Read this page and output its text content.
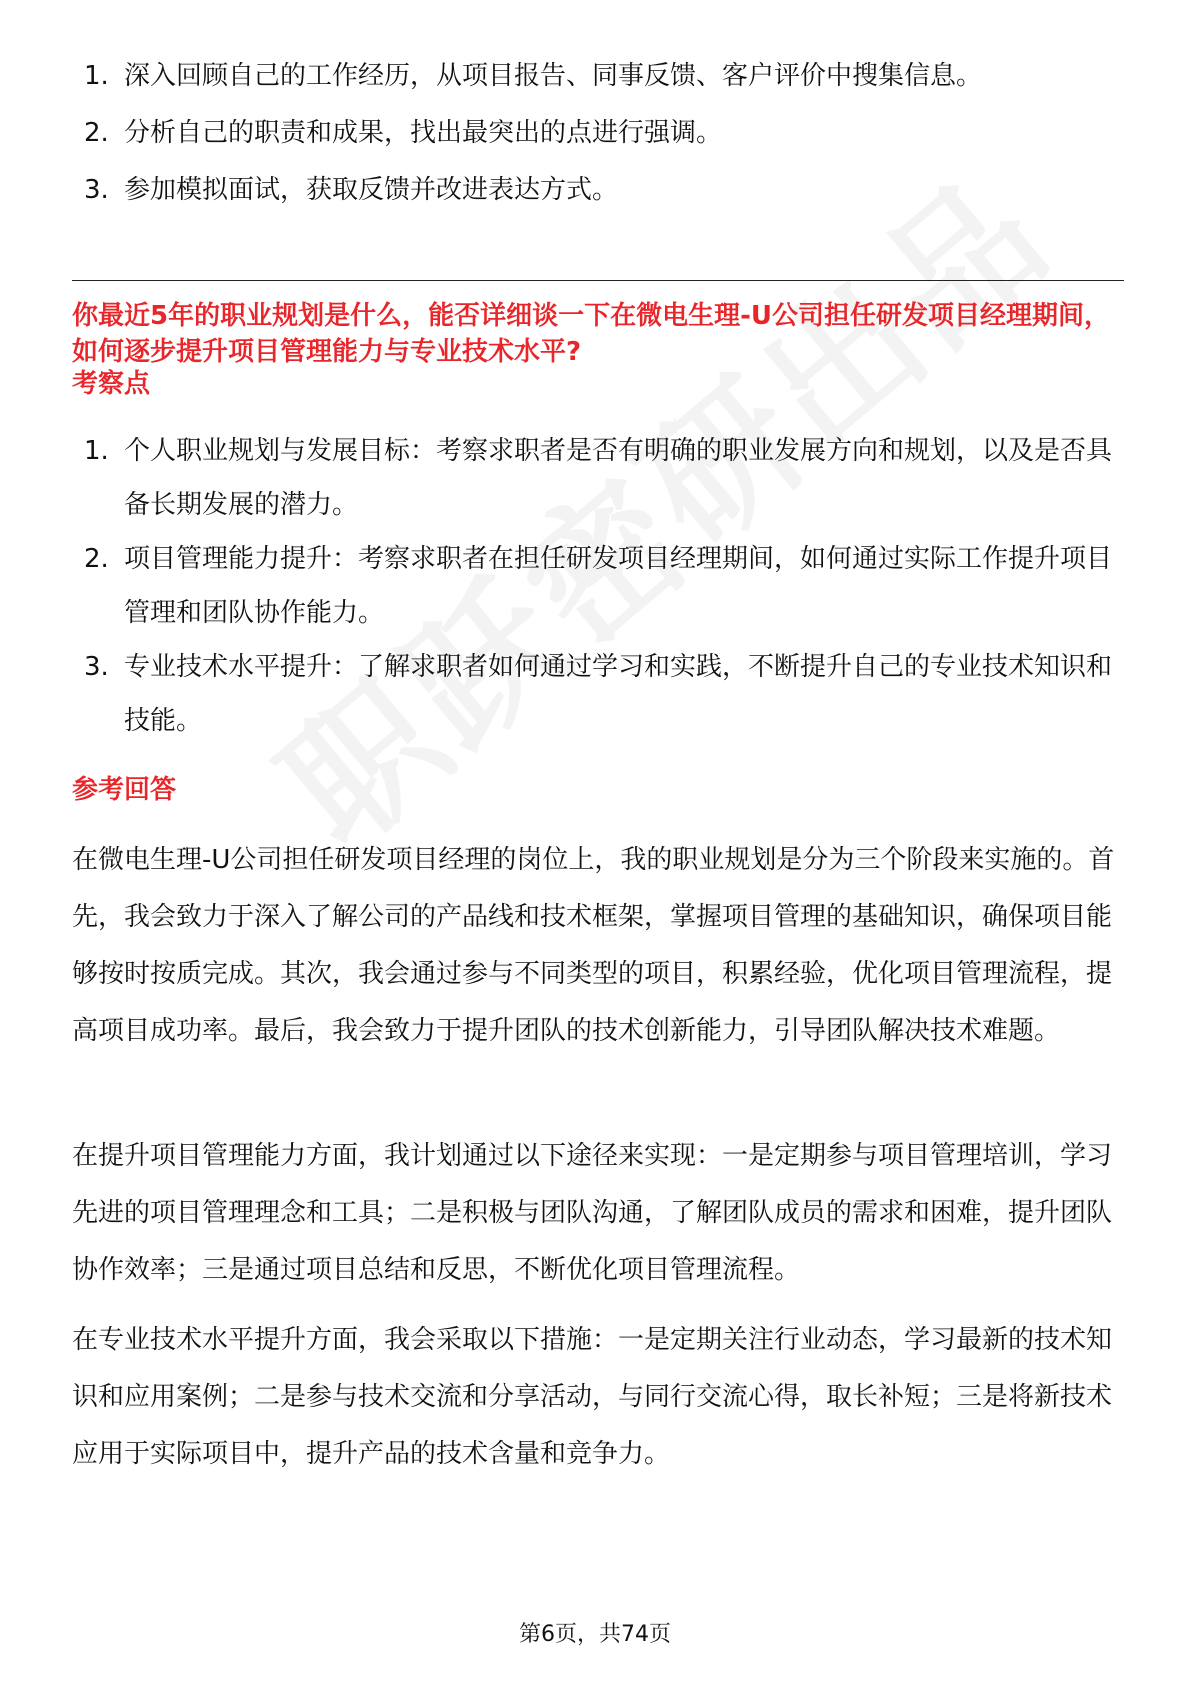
1. 深入回顾自己的工作经历，从项目报告、同事反馈、客户评价中搜集信息。
2. 分析自己的职责和成果，找出最突出的点进行强调。
3. 参加模拟面试，获取反馈并改进表达方式。
你最近5年的职业规划是什么，能否详细谈一下在微电生理-U公司担任研发项目经理期间，如何逐步提升项目管理能力与专业技术水平?
考察点
1. 个人职业规划与发展目标：考察求职者是否有明确的职业发展方向和规划，以及是否具备长期发展的潜力。
2. 项目管理能力提升：考察求职者在担任研发项目经理期间，如何通过实际工作提升项目管理和团队协作能力。
3. 专业技术水平提升：了解求职者如何通过学习和实践，不断提升自己的专业技术知识和技能。
参考回答

在微电生理-U公司担任研发项目经理的岗位上，我的职业规划是分为三个阶段来实施的。首先，我会致力于深入了解公司的产品线和技术框架，掌握项目管理的基础知识，确保项目能够按时按质完成。其次，我会通过参与不同类型的项目，积累经验，优化项目管理流程，提高项目成功率。最后，我会致力于提升团队的技术创新能力，引导团队解决技术难题。

在提升项目管理能力方面，我计划通过以下途径来实现：一是定期参与项目管理培训，学习先进的项目管理理念和工具；二是积极与团队沟通，了解团队成员的需求和困难，提升团队协作效率；三是通过项目总结和反思，不断优化项目管理流程。

在专业技术水平提升方面，我会采取以下措施：一是定期关注行业动态，学习最新的技术知识和应用案例；二是参与技术交流和分享活动，与同行交流心得，取长补短；三是将新技术应用于实际项目中，提升产品的技术含量和竞争力。

第6页，共74页
